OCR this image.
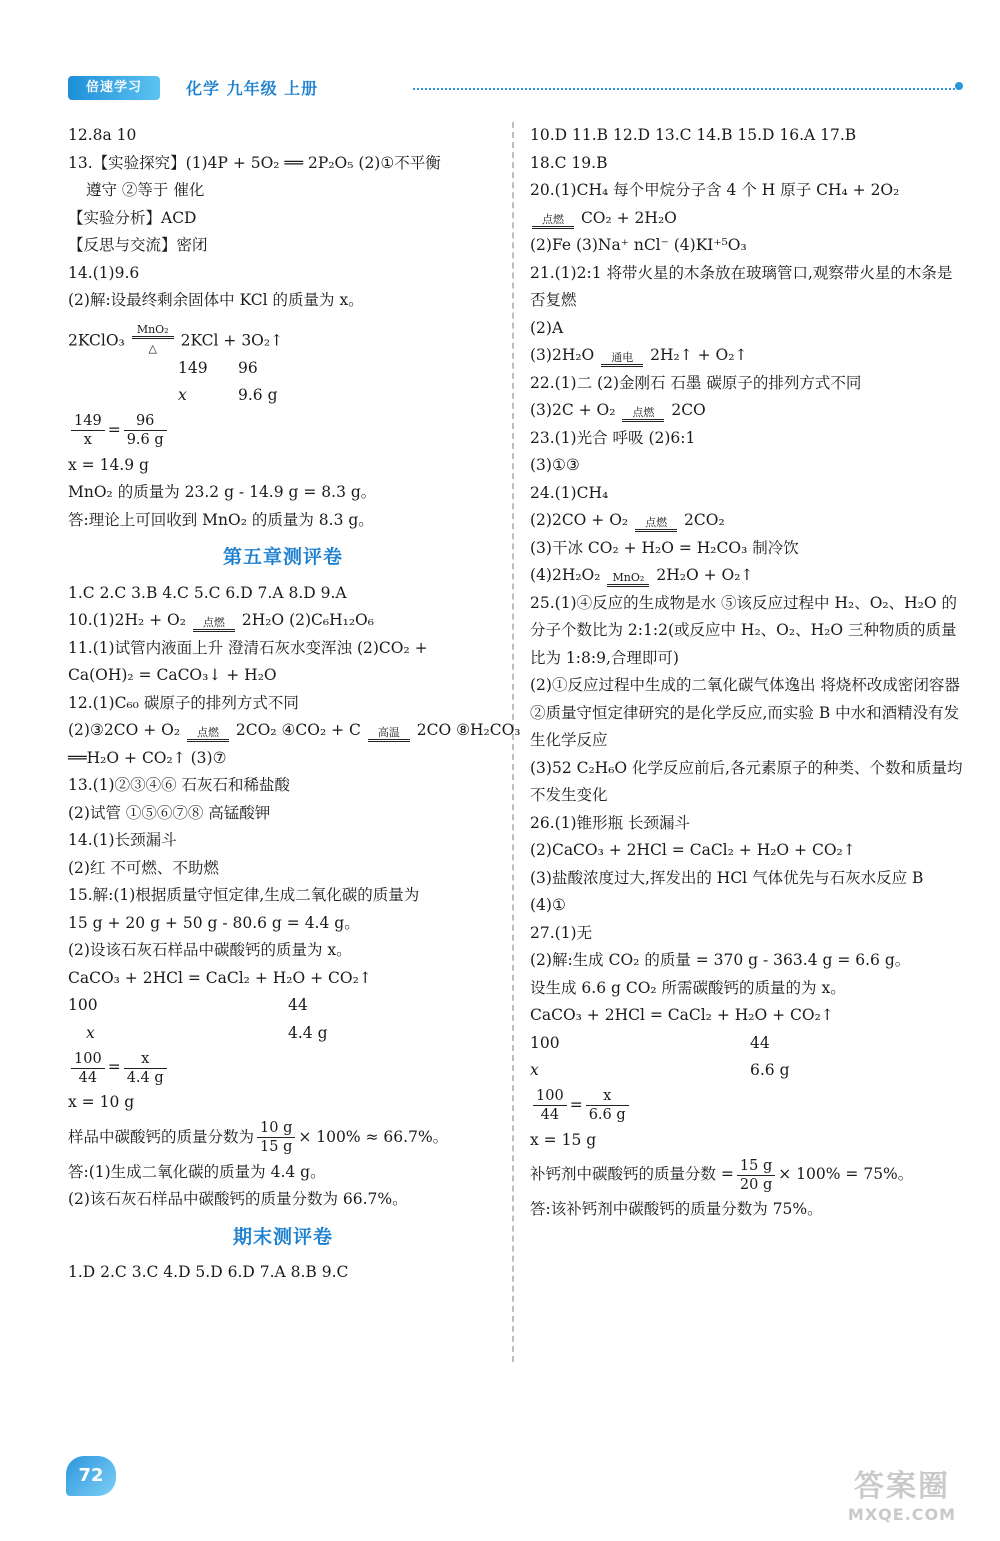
倍速学习	化学 九年级 上册
12.8a 10
13.【实验探究】(1)4P + 5O₂ ══ 2P₂O₅ (2)①不平衡
遵守 ②等于 催化
【实验分析】ACD
【反思与交流】密闭
14.(1)9.6
(2)解:设最终剩余固体中 KCl 的质量为 x。
2KClO₃
MnO₂
△	2KCl + 3O₂↑
149	96
x	9.6 g
$\frac{149}{x} = \frac{96}{9.6 g}$
x = 14.9 g
MnO₂ 的质量为 23.2 g - 14.9 g = 8.3 g。
答:理论上可回收到 MnO₂ 的质量为 8.3 g。
第五章测评卷
1.C 2.C 3.B 4.C 5.C 6.D 7.A 8.D 9.A
10.(1)2H₂ + O₂	点燃	2H₂O (2)C₆H₁₂O₆
11.(1)试管内液面上升 澄清石灰水变浑浊 (2)CO₂ + Ca(OH)₂ = CaCO₃↓ + H₂O
12.(1)C₆₀ 碳原子的排列方式不同
(2)③2CO + O₂	点燃	2CO₂ ④CO₂ + C	高温	2CO ⑧H₂CO₃
══H₂O + CO₂↑ (3)⑦
13.(1)②③④⑥ 石灰石和稀盐酸
(2)试管 ①⑤⑥⑦⑧ 高锰酸钾
14.(1)长颈漏斗
(2)红 不可燃、不助燃
15.解:(1)根据质量守恒定律,生成二氧化碳的质量为
15 g + 20 g + 50 g - 80.6 g = 4.4 g。
(2)设该石灰石样品中碳酸钙的质量为 x。
CaCO₃ + 2HCl = CaCl₂ + H₂O + CO₂↑
100	44
x	4.4 g
$\frac{100}{44} = \frac{x}{4.4 g}$
x = 10 g
样品中碳酸钙的质量分数为 $\frac{10 g}{15 g} \times 100\% \approx 66.7\%$。
答:(1)生成二氧化碳的质量为 4.4 g。
(2)该石灰石样品中碳酸钙的质量分数为 66.7%。
期末测评卷
1.D 2.C 3.C 4.D 5.D 6.D 7.A 8.B 9.C
10.D 11.B 12.D 13.C 14.B 15.D 16.A 17.B
18.C 19.B
20.(1)CH₄ 每个甲烷分子含 4 个 H 原子 CH₄ + 2O₂
点燃	CO₂ + 2H₂O
(2)Fe (3)Na⁺ nCl⁻ (4)KI⁺⁵O₃
21.(1)2:1 将带火星的木条放在玻璃管口,观察带火星的木条是否复燃
(2)A
(3)2H₂O	通电	2H₂↑ + O₂↑
22.(1)二 (2)金刚石 石墨 碳原子的排列方式不同
(3)2C + O₂	点燃	2CO
23.(1)光合 呼吸 (2)6:1
(3)①③
24.(1)CH₄
(2)2CO + O₂	点燃	2CO₂
(3)干冰 CO₂ + H₂O = H₂CO₃ 制冷饮
(4)2H₂O₂	MnO₂ 2H₂O + O₂↑
25.(1)④反应的生成物是水 ⑤该反应过程中 H₂、O₂、H₂O 的分子个数比为 2:1:2(或反应中 H₂、O₂、H₂O 三种物质的质量比为 1:8:9,合理即可)
(2)①反应过程中生成的二氧化碳气体逸出 将烧杯改成密闭容器 ②质量守恒定律研究的是化学反应,而实验 B 中水和酒精没有发生化学反应
(3)52 C₂H₆O 化学反应前后,各元素原子的种类、个数和质量均不发生变化
26.(1)锥形瓶 长颈漏斗
(2)CaCO₃ + 2HCl = CaCl₂ + H₂O + CO₂↑
(3)盐酸浓度过大,挥发出的 HCl 气体优先与石灰水反应 B
(4)①
27.(1)无
(2)解:生成 CO₂ 的质量 = 370 g - 363.4 g = 6.6 g。
设生成 6.6 g CO₂ 所需碳酸钙的质量的为 x。
CaCO₃ + 2HCl = CaCl₂ + H₂O + CO₂↑
100	44
x	6.6 g
$\frac{100}{44} = \frac{x}{6.6 g}$
x = 15 g
补钙剂中碳酸钙的质量分数 = $\frac{15 g}{20 g} \times 100\% = 75\%$。
答:该补钙剂中碳酸钙的质量分数为 75%。
72	答案圈
MXQE.COM
